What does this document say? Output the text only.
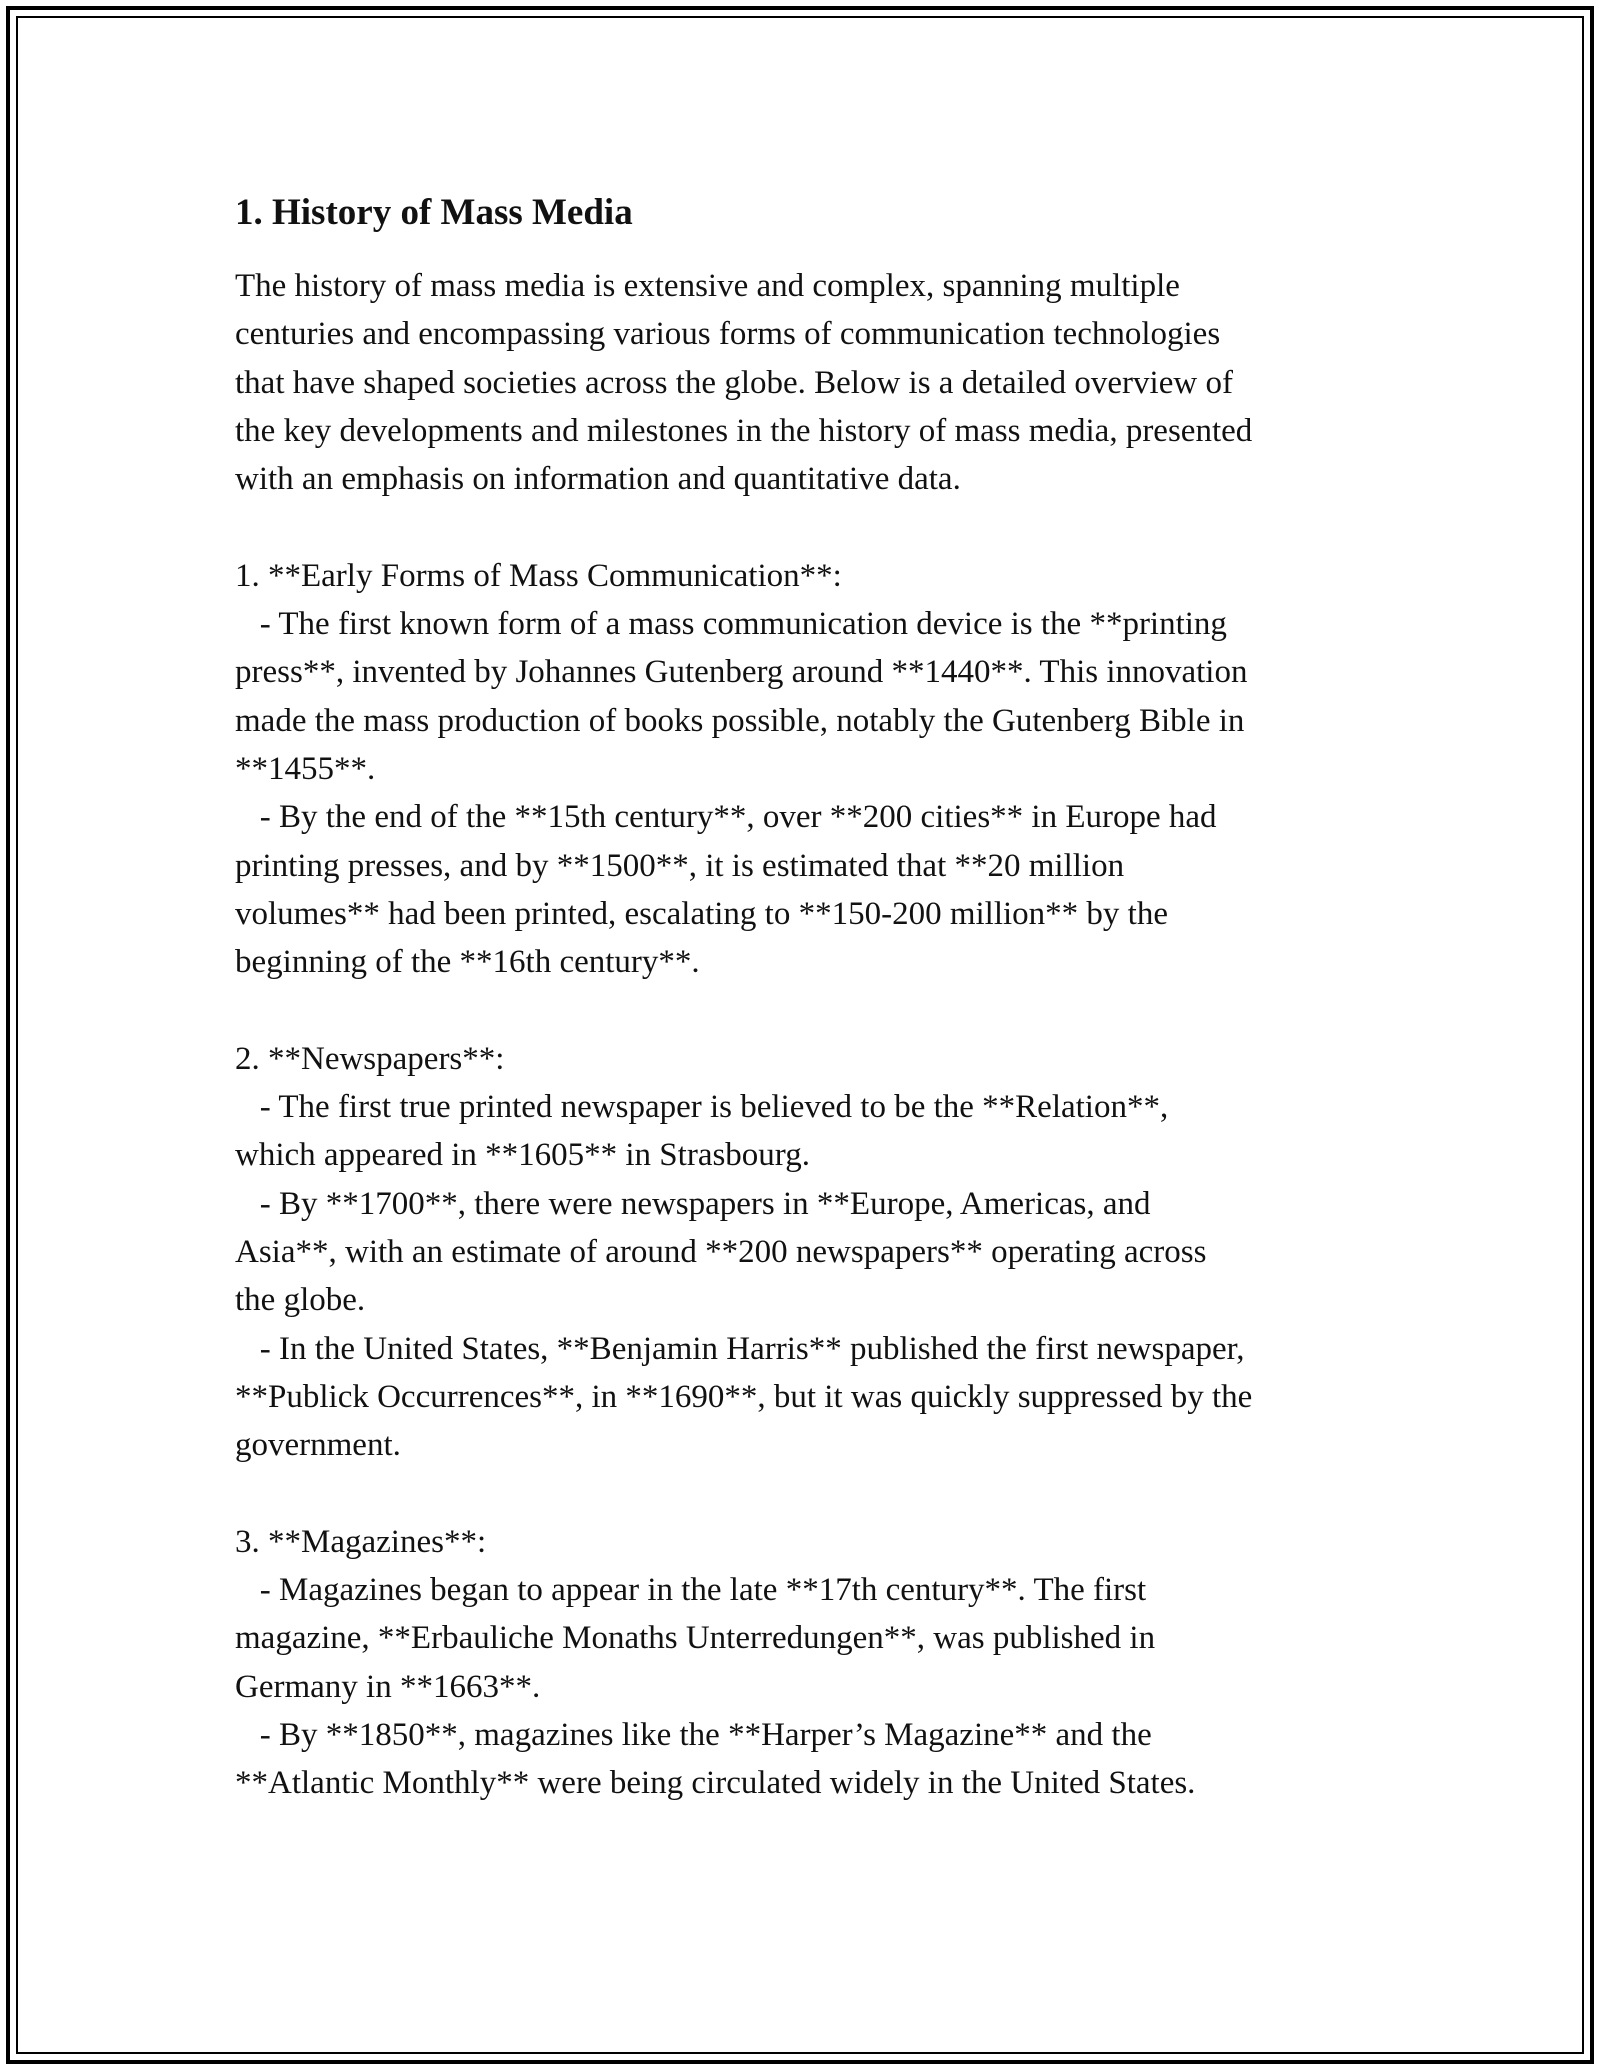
1. History of Mass Media

The history of mass media is extensive and complex, spanning multiple
centuries and encompassing various forms of communication technologies
that have shaped societies across the globe. Below is a detailed overview of
the key developments and milestones in the history of mass media, presented
with an emphasis on information and quantitative data.

1. **Early Forms of Mass Communication**:
- The first known form of a mass communication device is the **printing
press**, invented by Johannes Gutenberg around **1440**. This innovation
made the mass production of books possible, notably the Gutenberg Bible in
**1455**.
- By the end of the **15th century**, over **200 cities** in Europe had
printing presses, and by **1500**, it is estimated that **20 million
volumes** had been printed, escalating to **150-200 million** by the
beginning of the **16th century**.

2. **Newspapers**:
- The first true printed newspaper is believed to be the **Relation**,
which appeared in **1605** in Strasbourg.
- By **1700**, there were newspapers in **Europe, Americas, and
Asia**, with an estimate of around **200 newspapers** operating across
the globe.
- In the United States, **Benjamin Harris** published the first newspaper,
**Publick Occurrences**, in **1690**, but it was quickly suppressed by the
government.

3. **Magazines**:
- Magazines began to appear in the late **17th century**. The first
magazine, **Erbauliche Monaths Unterredungen**, was published in
Germany in **1663**.
- By **1850**, magazines like the **Harper’s Magazine** and the
**Atlantic Monthly** were being circulated widely in the United States.
